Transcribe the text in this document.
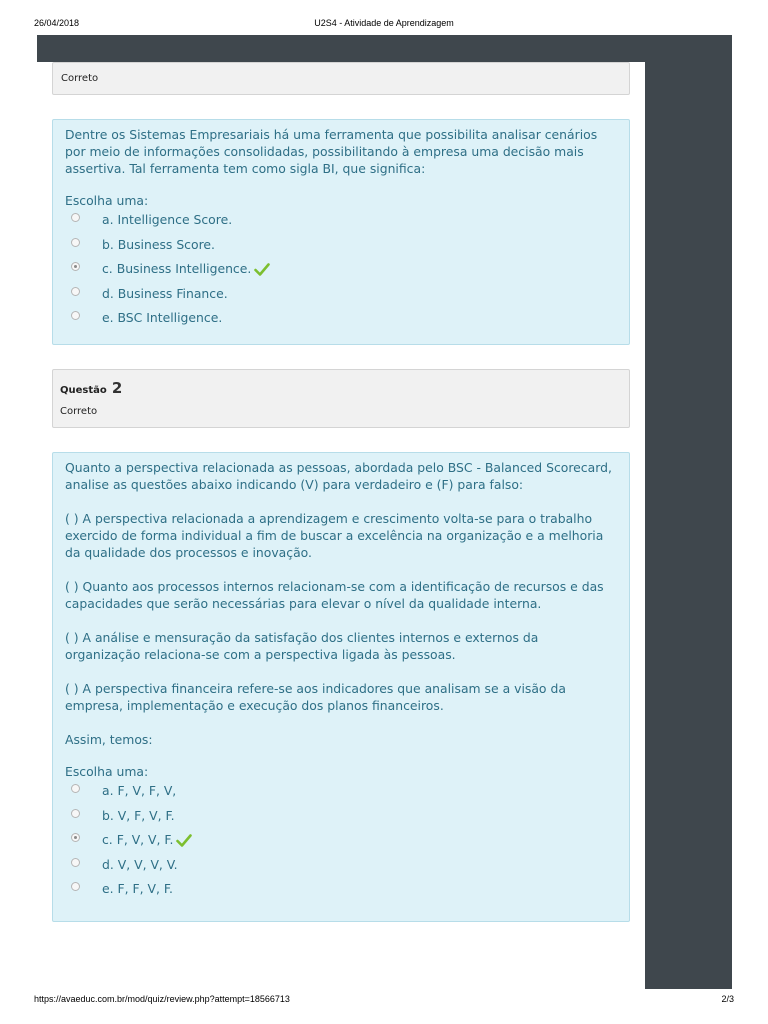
26/04/2018	U2S4 - Atividade de Aprendizagem
Correto

Dentre os Sistemas Empresariais há uma ferramenta que possibilita analisar cenários por meio de informações consolidadas, possibilitando à empresa uma decisão mais assertiva. Tal ferramenta tem como sigla BI, que significa:

Escolha uma:
a. Intelligence Score.
b. Business Score.
c. Business Intelligence.
d. Business Finance.
e. BSC Intelligence.
Questão 2
Correto

Quanto a perspectiva relacionada as pessoas, abordada pelo BSC - Balanced Scorecard, analise as questões abaixo indicando (V) para verdadeiro e (F) para falso:

( ) A perspectiva relacionada a aprendizagem e crescimento volta-se para o trabalho exercido de forma individual a fim de buscar a excelência na organização e a melhoria da qualidade dos processos e inovação.

( ) Quanto aos processos internos relacionam-se com a identificação de recursos e das capacidades que serão necessárias para elevar o nível da qualidade interna.

( ) A análise e mensuração da satisfação dos clientes internos e externos da organização relaciona-se com a perspectiva ligada às pessoas.

( ) A perspectiva financeira refere-se aos indicadores que analisam se a visão da empresa, implementação e execução dos planos financeiros.

Assim, temos:

Escolha uma:
a. F, V, F, V,
b. V, F, V, F.
c. F, V, V, F.
d. V, V, V, V.
e. F, F, V, F.
https://avaeduc.com.br/mod/quiz/review.php?attempt=18566713	2/3
